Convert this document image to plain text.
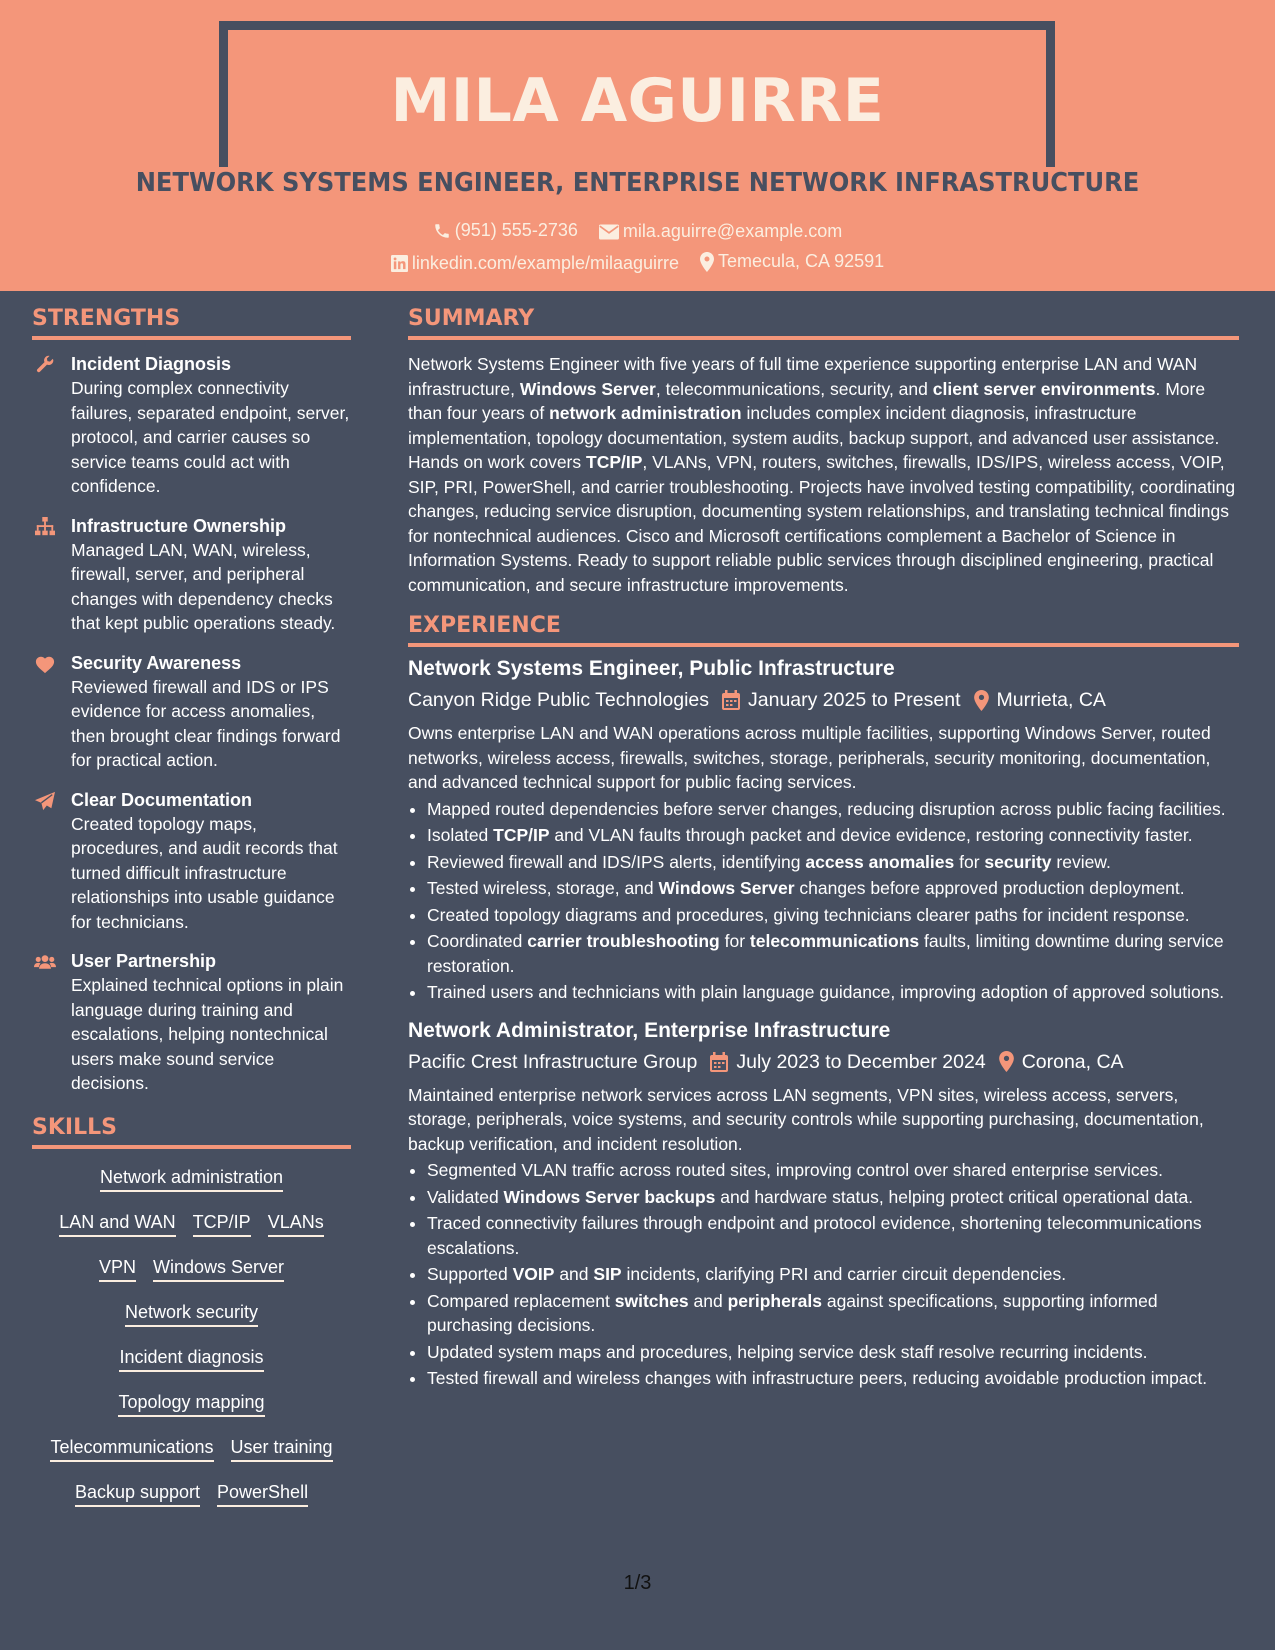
MILA AGUIRRE
NETWORK SYSTEMS ENGINEER, ENTERPRISE NETWORK INFRASTRUCTURE
(951) 555-2736
	mila.aguirre@example.com
linkedin.com/example/milaaguirre
Temecula, CA 92591
STRENGTHS
Incident Diagnosis
During complex connectivity failures, separated endpoint, server, protocol, and carrier causes so service teams could act with confidence.
Infrastructure Ownership
Managed LAN, WAN, wireless, firewall, server, and peripheral changes with dependency checks that kept public operations steady.
Security Awareness
Reviewed firewall and IDS or IPS evidence for access anomalies, then brought clear findings forward for practical action.
Clear Documentation
Created topology maps, procedures, and audit records that turned difficult infrastructure relationships into usable guidance for technicians.
User Partnership
Explained technical options in plain language during training and escalations, helping nontechnical users make sound service decisions.
SKILLS
Network administration
LAN and WAN TCP/IP VLANs
VPN Windows Server
Network security
Incident diagnosis
Topology mapping
Telecommunications User training
Backup support PowerShell
SUMMARY
Network Systems Engineer with five years of full time experience supporting enterprise LAN and WAN infrastructure, Windows Server, telecommunications, security, and client server environments. More than four years of network administration includes complex incident diagnosis, infrastructure implementation, topology documentation, system audits, backup support, and advanced user assistance. Hands on work covers TCP/IP, VLANs, VPN, routers, switches, firewalls, IDS/IPS, wireless access, VOIP, SIP, PRI, PowerShell, and carrier troubleshooting. Projects have involved testing compatibility, coordinating changes, reducing service disruption, documenting system relationships, and translating technical findings for nontechnical audiences. Cisco and Microsoft certifications complement a Bachelor of Science in Information Systems. Ready to support reliable public services through disciplined engineering, practical communication, and secure infrastructure improvements.
EXPERIENCE
Network Systems Engineer, Public Infrastructure
Canyon Ridge Public Technologies January 2025 to Present Murrieta, CA
Owns enterprise LAN and WAN operations across multiple facilities, supporting Windows Server, routed networks, wireless access, firewalls, switches, storage, peripherals, security monitoring, documentation, and advanced technical support for public facing services.
• Mapped routed dependencies before server changes, reducing disruption across public facing facilities.
• Isolated TCP/IP and VLAN faults through packet and device evidence, restoring connectivity faster.
• Reviewed firewall and IDS/IPS alerts, identifying access anomalies for security review.
• Tested wireless, storage, and Windows Server changes before approved production deployment.
• Created topology diagrams and procedures, giving technicians clearer paths for incident response.
• Coordinated carrier troubleshooting for telecommunications faults, limiting downtime during service restoration.
• Trained users and technicians with plain language guidance, improving adoption of approved solutions.
Network Administrator, Enterprise Infrastructure
Pacific Crest Infrastructure Group July 2023 to December 2024 Corona, CA
Maintained enterprise network services across LAN segments, VPN sites, wireless access, servers, storage, peripherals, voice systems, and security controls while supporting purchasing, documentation, backup verification, and incident resolution.
• Segmented VLAN traffic across routed sites, improving control over shared enterprise services.
• Validated Windows Server backups and hardware status, helping protect critical operational data.
• Traced connectivity failures through endpoint and protocol evidence, shortening telecommunications escalations.
• Supported VOIP and SIP incidents, clarifying PRI and carrier circuit dependencies.
• Compared replacement switches and peripherals against specifications, supporting informed purchasing decisions.
• Updated system maps and procedures, helping service desk staff resolve recurring incidents.
• Tested firewall and wireless changes with infrastructure peers, reducing avoidable production impact.
1/3
